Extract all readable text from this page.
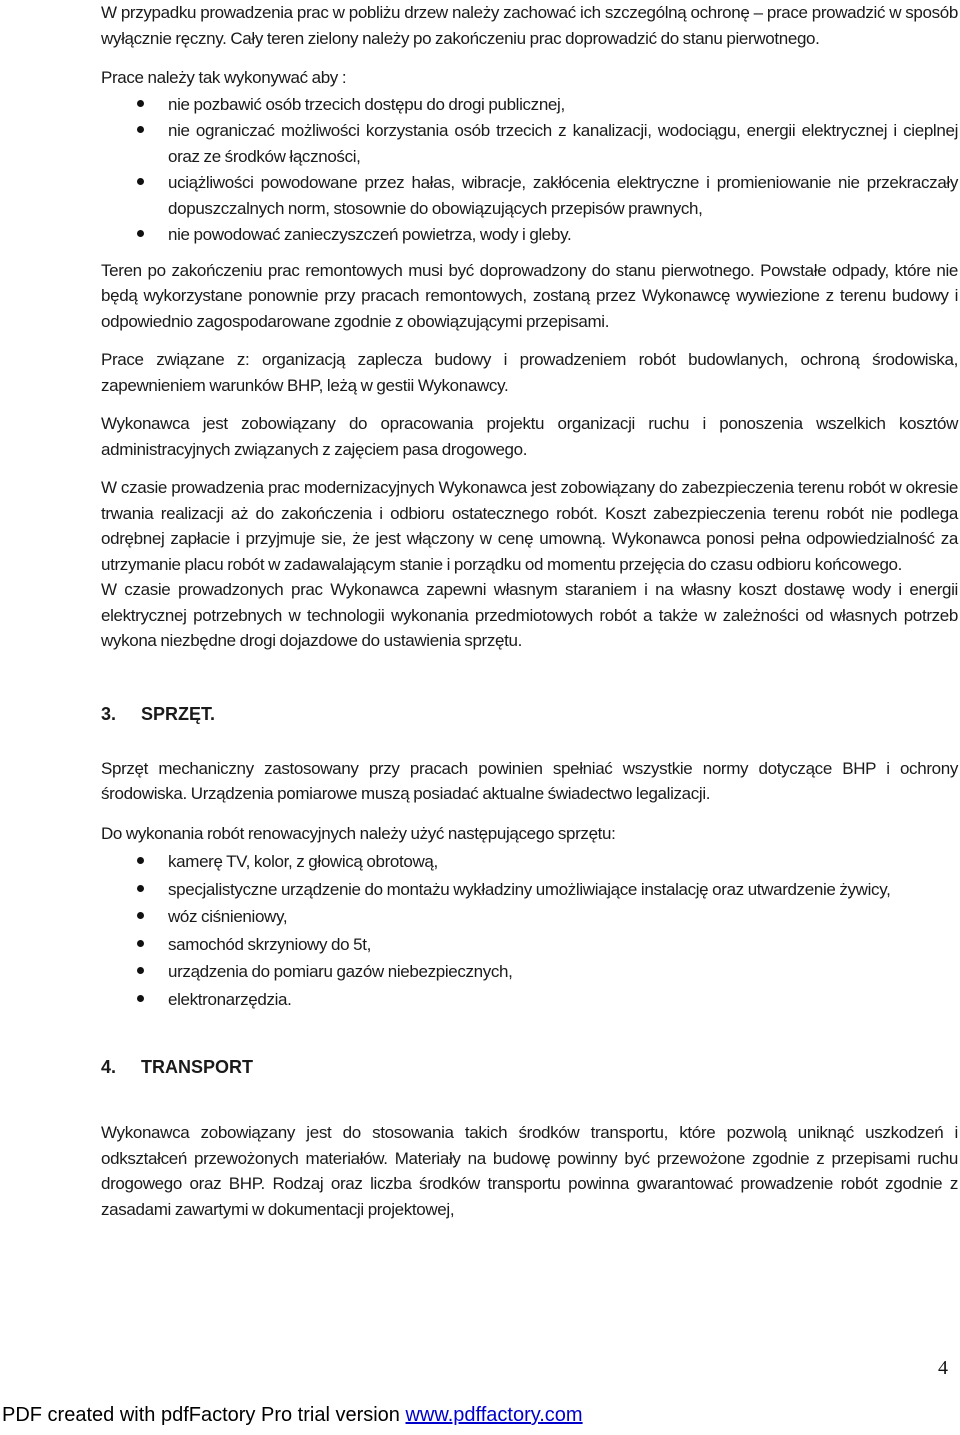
W przypadku prowadzenia prac w pobliżu drzew należy zachować ich szczególną ochronę – prace prowadzić w sposób wyłącznie ręczny. Cały teren zielony należy po zakończeniu prac doprowadzić do stanu pierwotnego.

Prace należy tak wykonywać aby :

nie pozbawić osób trzecich dostępu do drogi publicznej,
nie ograniczać możliwości korzystania osób trzecich z kanalizacji, wodociągu, energii elektrycznej i cieplnej oraz ze środków łączności,
uciążliwości powodowane przez hałas, wibracje, zakłócenia elektryczne i promieniowanie nie przekraczały dopuszczalnych norm, stosownie do obowiązujących przepisów prawnych,
nie powodować zanieczyszczeń powietrza, wody i gleby.

Teren po zakończeniu prac remontowych musi być doprowadzony do stanu pierwotnego. Powstałe odpady, które nie będą wykorzystane ponownie przy pracach remontowych, zostaną przez Wykonawcę wywiezione z terenu budowy i odpowiednio zagospodarowane zgodnie z obowiązującymi przepisami.

Prace związane z: organizacją zaplecza budowy i prowadzeniem robót budowlanych, ochroną środowiska, zapewnieniem warunków BHP, leżą w gestii Wykonawcy.

Wykonawca jest zobowiązany do opracowania projektu organizacji ruchu i ponoszenia wszelkich kosztów administracyjnych związanych z zajęciem pasa drogowego.

W czasie prowadzenia prac modernizacyjnych Wykonawca jest zobowiązany do zabezpieczenia terenu robót w okresie trwania realizacji aż do zakończenia i odbioru ostatecznego robót. Koszt zabezpieczenia terenu robót nie podlega odrębnej zapłacie i przyjmuje sie, że jest włączony w cenę umowną. Wykonawca ponosi pełna odpowiedzialność za utrzymanie placu robót w zadawalającym stanie i porządku od momentu przejęcia do czasu odbioru końcowego.

W czasie prowadzonych prac Wykonawca zapewni własnym staraniem i na własny koszt dostawę wody i energii elektrycznej potrzebnych w technologii wykonania przedmiotowych robót a także w zależności od własnych potrzeb wykona niezbędne drogi dojazdowe do ustawienia sprzętu.

3. SPRZĘT.

Sprzęt mechaniczny zastosowany przy pracach powinien spełniać wszystkie normy dotyczące BHP i ochrony środowiska. Urządzenia pomiarowe muszą posiadać aktualne świadectwo legalizacji.

Do wykonania robót renowacyjnych należy użyć następującego sprzętu:

kamerę TV, kolor, z głowicą obrotową,
specjalistyczne urządzenie do montażu wykładziny umożliwiające instalację oraz utwardzenie żywicy,
wóz ciśnieniowy,
samochód skrzyniowy do 5t,
urządzenia do pomiaru gazów niebezpiecznych,
elektronarzędzia.
4. TRANSPORT

Wykonawca zobowiązany jest do stosowania takich środków transportu, które pozwolą uniknąć uszkodzeń i odkształceń przewożonych materiałów. Materiały na budowę powinny być przewożone zgodnie z przepisami ruchu drogowego oraz BHP. Rodzaj oraz liczba środków transportu powinna gwarantować prowadzenie robót zgodnie z zasadami zawartymi w dokumentacji projektowej,

4
PDF created with pdfFactory Pro trial version www.pdffactory.com
